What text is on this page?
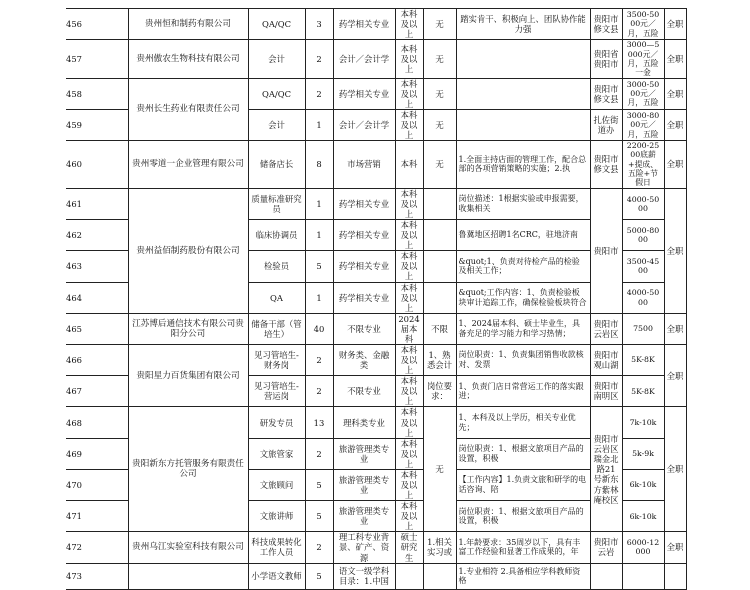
456	贵州恒和制药有限公司	QA/QC	3	药学相关专业	本科及以上	无	踏实肯干、积极向上、团队协作能力强	贵阳市修文县	3500-5000元／月，五险	全职
457	贵州傲农生物科技有限公司	会计	2	会计／会计学	本科及以上	无		贵阳省贵阳市	3000—5000元／月，五险一金	全职
458	贵州长生药业有限责任公司	QA/QC	2	药学相关专业	本科及以上	无		贵阳市修文县	3000-5000元／月，五险	全职
459		会计	1	会计／会计学	本科及以上	无		扎佐街道办	3000-8000元／月，五险	全职
460	贵州零道一企业管理有限公司	储备店长	8	市场营销	本科	无	1.全面主持店面的管理工作，配合总部的各项营销策略的实施；2.执	贵阳市修文县	2200-2500底薪+提成、五险+节假日	全职
461	贵州益佰制药股份有限公司	质量标准研究员	1	药学相关专业	本科及以上		岗位描述：1根据实验或申报需要，收集相关	贵阳市	4000-5000	全职
462		临床协调员	1	药学相关专业	本科及以上		鲁冀地区招聘1名CRC，驻地济南		5000-8000	
463		检验员	5	药学相关专业	本科及以上		&quot;1、负责对待检产品的检验及相关工作；		3500-4500	
464		QA	1	药学相关专业	本科及以上		&quot;工作内容：1、负责检验板块审计追踪工作，确保检验板块符合		4000-5000	
465	江苏博后通信技术有限公司贵阳分公司	储备干部（管培生）	40	不限专业	2024届本科	不限	1、2024届本科、硕士毕业生，具备充足的学习能力和学习热情；	贵阳市云岩区	7500	全职
466	贵阳星力百货集团有限公司	见习管培生-财务岗	2	财务类、金融类	本科及以上	1、熟悉会计	岗位职责：1、负责集团销售收款核对、发票	贵阳市观山湖	5K-8K	全职
467		见习管培生-营运岗	2	不限专业	本科及以上	岗位要求：	1、负责门店日常营运工作的落实跟进；	贵阳市南明区	5K-8K	
468	贵阳新东方托管服务有限责任公司	研发专员	13	理科类专业	本科及以上	无	1、本科及以上学历，相关专业优先；	贵阳市云岩区瑞金北路21号新东方紫林庵校区	7k-10k	全职
469		文旅管家	2	旅游管理类专业	本科及以上		岗位职责：1、根据文旅项目产品的设置，积极		5k-9k	
470		文旅顾问	5	旅游管理类专业	本科及以上		【工作内容】1.负责文旅和研学的电话咨询、陪		6k-10k	
471		文旅讲师	5	旅游管理类专业	本科及以上		岗位职责：1、根据文旅项目产品的设置，积极		6k-10k	
472	贵州乌江实验室科技有限公司	科技成果转化工作人员	2	理工科专业背景、矿产、资源	硕士研究生	1.相关实习或	1.年龄要求：35周岁以下，具有丰富工作经验和显著工作成果的，年	贵阳市云岩	6000-12000	全职
473		小学语文教师	5	语文一级学科目录：1.中国			1.专业相符 2.具备相应学科教师资格			
